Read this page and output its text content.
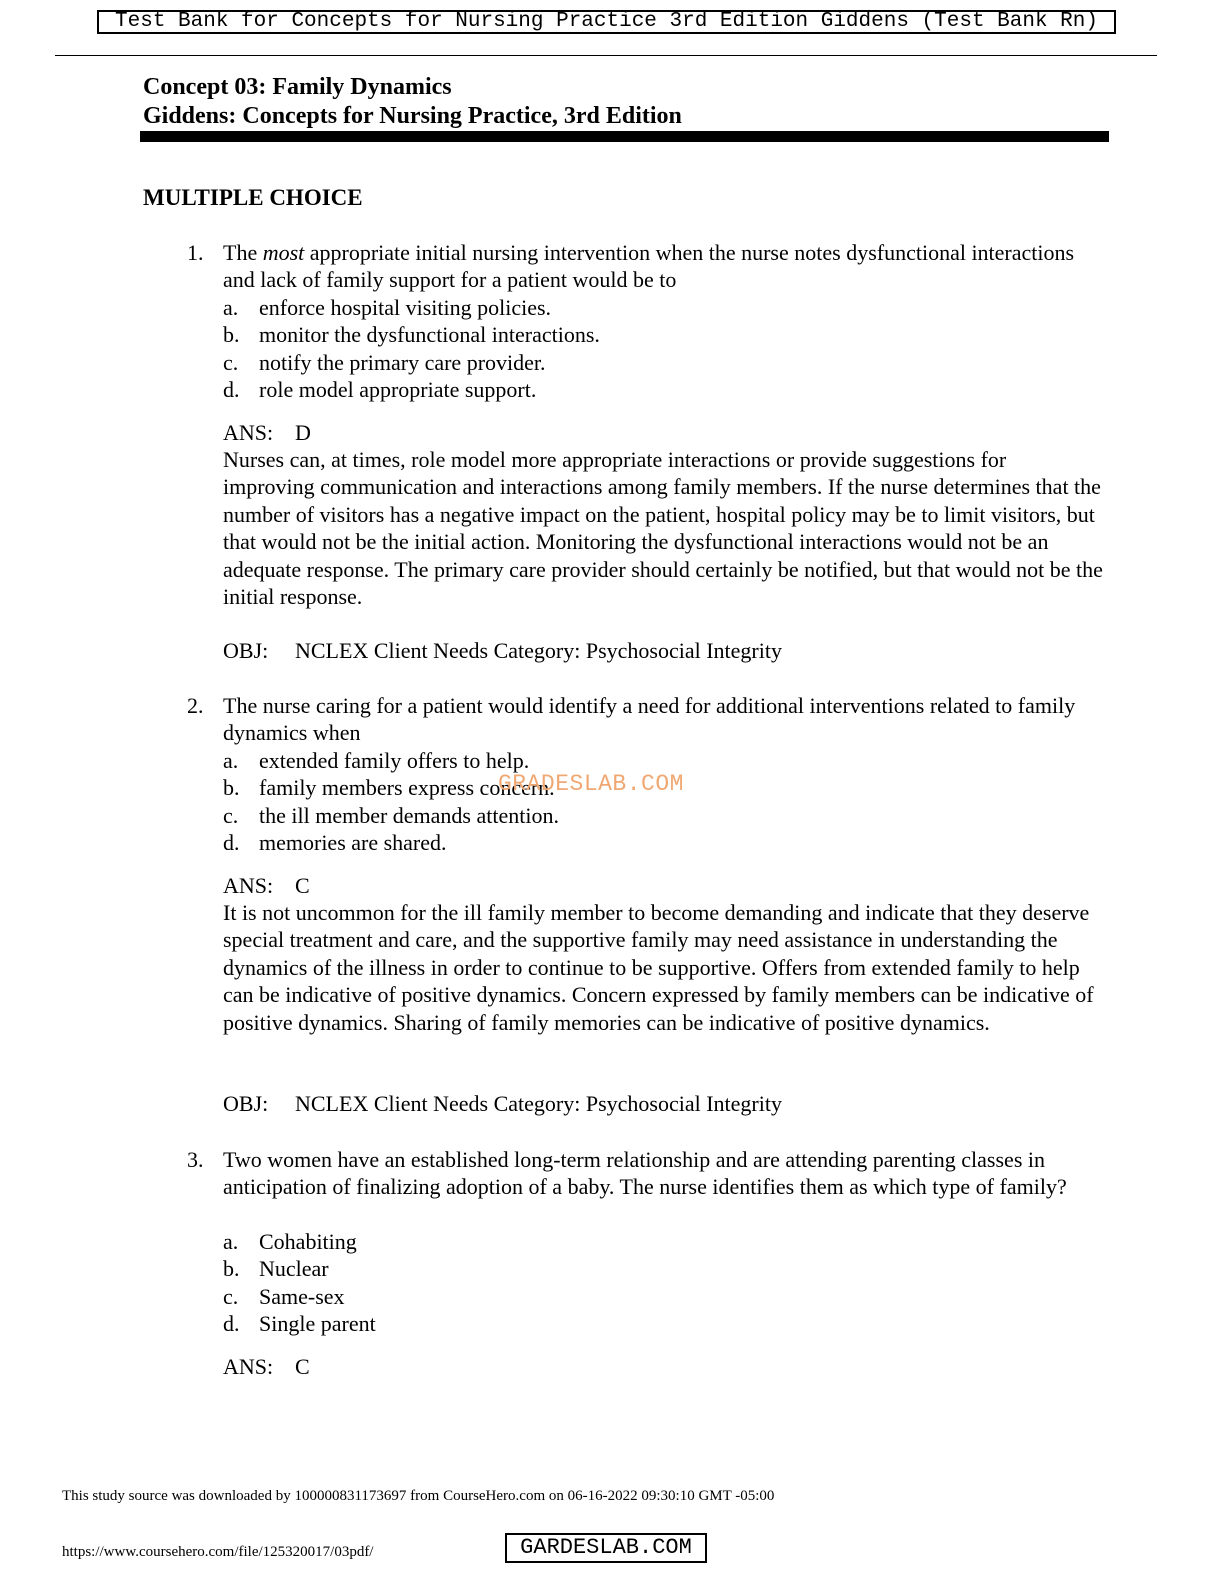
Test Bank for Concepts for Nursing Practice 3rd Edition Giddens (Test Bank Rn)
Concept 03: Family Dynamics
Giddens: Concepts for Nursing Practice, 3rd Edition
MULTIPLE CHOICE
1. The most appropriate initial nursing intervention when the nurse notes dysfunctional interactions and lack of family support for a patient would be to
a. enforce hospital visiting policies.
b. monitor the dysfunctional interactions.
c. notify the primary care provider.
d. role model appropriate support.
ANS: D
Nurses can, at times, role model more appropriate interactions or provide suggestions for improving communication and interactions among family members. If the nurse determines that the number of visitors has a negative impact on the patient, hospital policy may be to limit visitors, but that would not be the initial action. Monitoring the dysfunctional interactions would not be an adequate response. The primary care provider should certainly be notified, but that would not be the initial response.
OBJ: NCLEX Client Needs Category: Psychosocial Integrity
2. The nurse caring for a patient would identify a need for additional interventions related to family dynamics when
a. extended family offers to help.
b. family members express concern.
c. the ill member demands attention.
d. memories are shared.
ANS: C
It is not uncommon for the ill family member to become demanding and indicate that they deserve special treatment and care, and the supportive family may need assistance in understanding the dynamics of the illness in order to continue to be supportive. Offers from extended family to help can be indicative of positive dynamics. Concern expressed by family members can be indicative of positive dynamics. Sharing of family memories can be indicative of positive dynamics.
OBJ: NCLEX Client Needs Category: Psychosocial Integrity
3. Two women have an established long-term relationship and are attending parenting classes in anticipation of finalizing adoption of a baby. The nurse identifies them as which type of family?
a. Cohabiting
b. Nuclear
c. Same-sex
d. Single parent
ANS: C
GRADESLAB.COM
This study source was downloaded by 100000831173697 from CourseHero.com on 06-16-2022 09:30:10 GMT -05:00
https://www.coursehero.com/file/125320017/03pdf/	GARDESLAB.COM
